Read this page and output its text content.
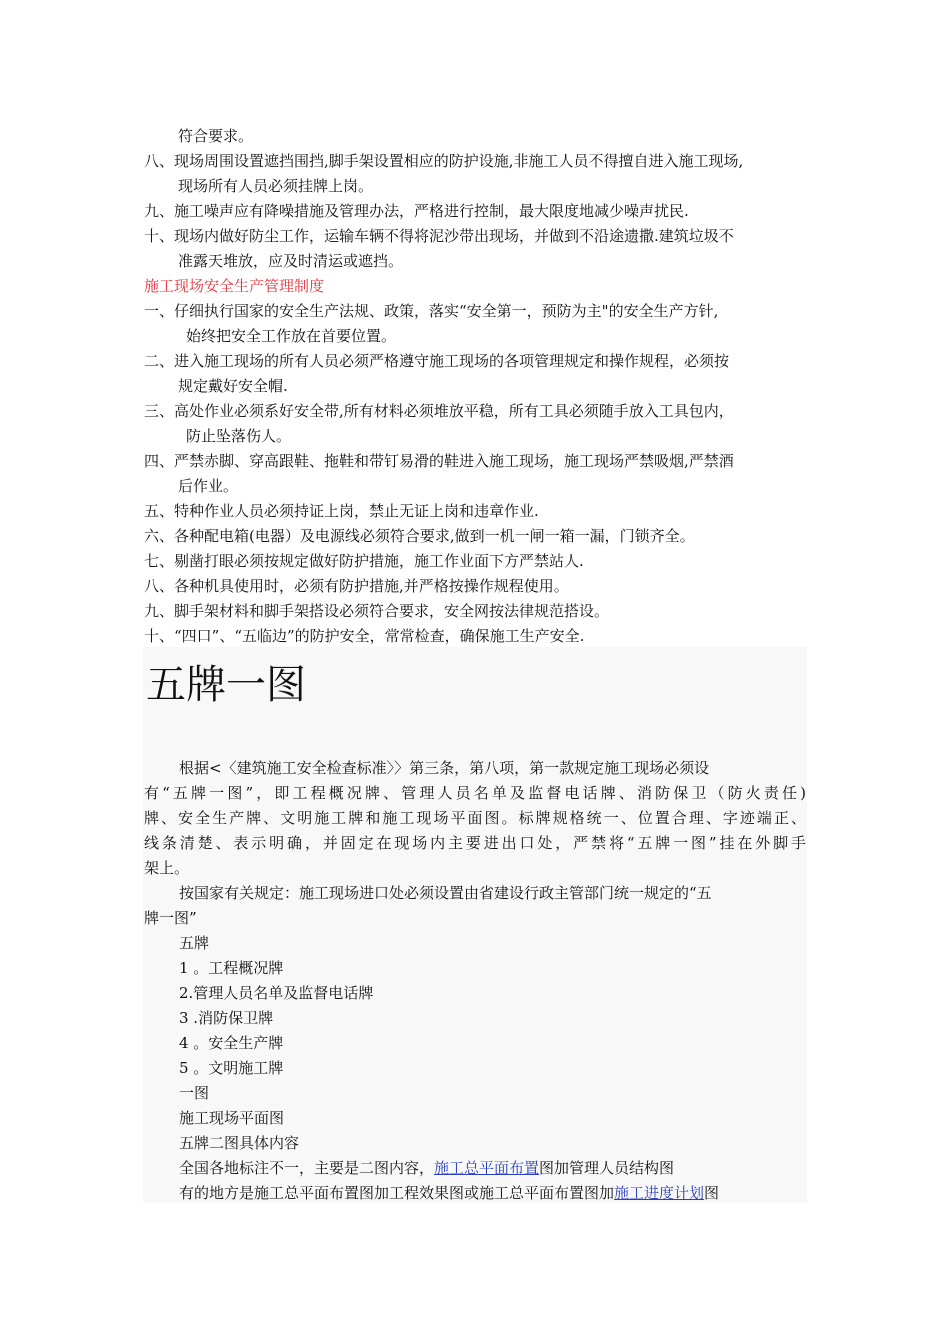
符合要求。
八、现场周围设置遮挡围挡,脚手架设置相应的防护设施,非施工人员不得擅自进入施工现场,
现场所有人员必须挂牌上岗。
九、施工噪声应有降噪措施及管理办法，严格进行控制，最大限度地减少噪声扰民.
十、现场内做好防尘工作，运输车辆不得将泥沙带出现场，并做到不沿途遗撒.建筑垃圾不
准露天堆放，应及时清运或遮挡。
施工现场安全生产管理制度
一、仔细执行国家的安全生产法规、政策，落实“安全第一，预防为主"的安全生产方针,
始终把安全工作放在首要位置。
二、进入施工现场的所有人员必须严格遵守施工现场的各项管理规定和操作规程，必须按
规定戴好安全帽.
三、高处作业必须系好安全带,所有材料必须堆放平稳，所有工具必须随手放入工具包内，
防止坠落伤人。
四、严禁赤脚、穿高跟鞋、拖鞋和带钉易滑的鞋进入施工现场，施工现场严禁吸烟,严禁酒
后作业。
五、特种作业人员必须持证上岗，禁止无证上岗和违章作业.
六、各种配电箱(电器）及电源线必须符合要求,做到一机一闸一箱一漏，门锁齐全。
七、剔凿打眼必须按规定做好防护措施，施工作业面下方严禁站人.
八、各种机具使用时，必须有防护措施,并严格按操作规程使用。
九、脚手架材料和脚手架搭设必须符合要求，安全网按法律规范搭设。
十、“四口”、“五临边”的防护安全，常常检查，确保施工生产安全.
五牌一图
根据<〈建筑施工安全检查标准〉〉第三条，第八项，第一款规定施工现场必须设
有“五牌一图”，即工程概况牌、管理人员名单及监督电话牌、消防保卫（防火责任)
牌、安全生产牌、文明施工牌和施工现场平面图。标牌规格统一、位置合理、字迹端正、
线条清楚、表示明确，并固定在现场内主要进出口处，严禁将“五牌一图”挂在外脚手
架上。
按国家有关规定：施工现场进口处必须设置由省建设行政主管部门统一规定的“五
牌一图”
五牌
1 。工程概况牌
2.管理人员名单及监督电话牌
3 .消防保卫牌
4 。安全生产牌
5 。文明施工牌
一图
施工现场平面图
五牌二图具体内容
全国各地标注不一，主要是二图内容，施工总平面布置图加管理人员结构图
有的地方是施工总平面布置图加工程效果图或施工总平面布置图加施工进度计划图
